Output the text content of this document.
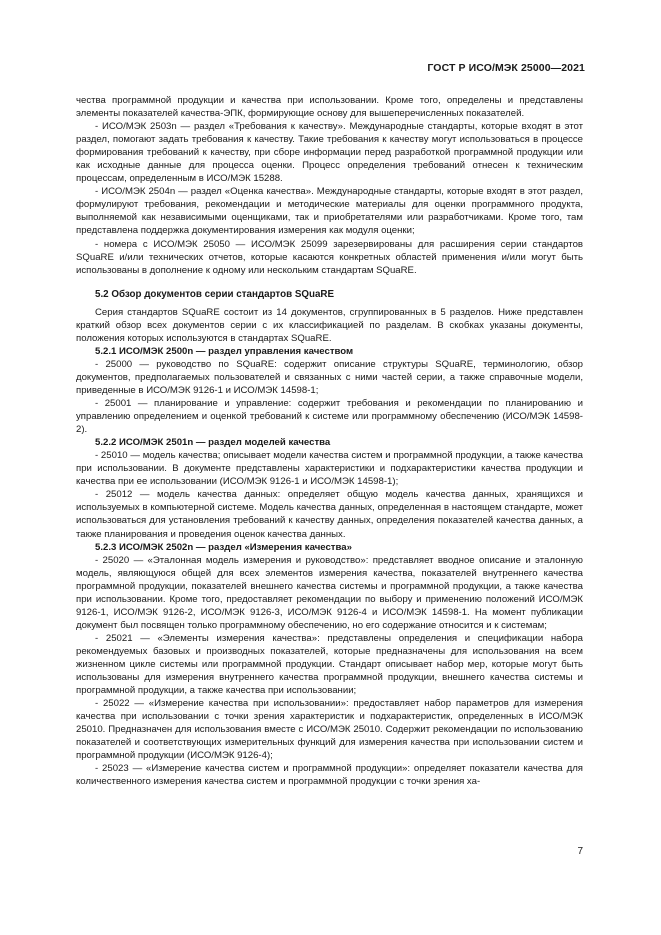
ГОСТ Р ИСО/МЭК 25000—2021

чества программной продукции и качества при использовании. Кроме того, определены и представлены элементы показателей качества-ЭПК, формирующие основу для вышеперечисленных показателей.

- ИСО/МЭК 2503n — раздел «Требования к качеству». Международные стандарты, которые входят в этот раздел, помогают задать требования к качеству. Такие требования к качеству могут использоваться в процессе формирования требований к качеству, при сборе информации перед разработкой программной продукции или как исходные данные для процесса оценки. Процесс определения требований отнесен к техническим процессам, определенным в ИСО/МЭК 15288.

- ИСО/МЭК 2504n — раздел «Оценка качества». Международные стандарты, которые входят в этот раздел, формулируют требования, рекомендации и методические материалы для оценки программного продукта, выполняемой как независимыми оценщиками, так и приобретателями или разработчиками. Кроме того, там представлена поддержка документирования измерения как модуля оценки;

- номера с ИСО/МЭК 25050 — ИСО/МЭК 25099 зарезервированы для расширения серии стандартов SQuaRE и/или технических отчетов, которые касаются конкретных областей применения и/или могут быть использованы в дополнение к одному или нескольким стандартам SQuaRE.

5.2 Обзор документов серии стандартов SQuaRE

Серия стандартов SQuaRE состоит из 14 документов, сгруппированных в 5 разделов. Ниже представлен краткий обзор всех документов серии с их классификацией по разделам. В скобках указаны документы, положения которых используются в стандартах SQuaRE.

5.2.1 ИСО/МЭК 2500n — раздел управления качеством

- 25000 — руководство по SQuaRE: содержит описание структуры SQuaRE, терминологию, обзор документов, предполагаемых пользователей и связанных с ними частей серии, а также справочные модели, приведенные в ИСО/МЭК 9126-1 и ИСО/МЭК 14598-1;

- 25001 — планирование и управление: содержит требования и рекомендации по планированию и управлению определением и оценкой требований к системе или программному обеспечению (ИСО/МЭК 14598-2).

5.2.2 ИСО/МЭК 2501n — раздел моделей качества

- 25010 — модель качества; описывает модели качества систем и программной продукции, а также качества при использовании. В документе представлены характеристики и подхарактеристики качества продукции и качества при ее использовании (ИСО/МЭК 9126-1 и ИСО/МЭК 14598-1);

- 25012 — модель качества данных: определяет общую модель качества данных, хранящихся и используемых в компьютерной системе. Модель качества данных, определенная в настоящем стандарте, может использоваться для установления требований к качеству данных, определения показателей качества данных, а также планирования и проведения оценок качества данных.

5.2.3 ИСО/МЭК 2502n — раздел «Измерения качества»

- 25020 — «Эталонная модель измерения и руководство»: представляет вводное описание и эталонную модель, являющуюся общей для всех элементов измерения качества, показателей внутреннего качества программной продукции, показателей внешнего качества системы и программной продукции, а также качества при использовании. Кроме того, предоставляет рекомендации по выбору и применению положений ИСО/МЭК 9126-1, ИСО/МЭК 9126-2, ИСО/МЭК 9126-3, ИСО/МЭК 9126-4 и ИСО/МЭК 14598-1. На момент публикации документ был посвящен только программному обеспечению, но его содержание относится и к системам;

- 25021 — «Элементы измерения качества»: представлены определения и спецификации набора рекомендуемых базовых и производных показателей, которые предназначены для использования на всем жизненном цикле системы или программной продукции. Стандарт описывает набор мер, которые могут быть использованы для измерения внутреннего качества программной продукции, внешнего качества системы и программной продукции, а также качества при использовании;

- 25022 — «Измерение качества при использовании»: предоставляет набор параметров для измерения качества при использовании с точки зрения характеристик и подхарактеристик, определенных в ИСО/МЭК 25010. Предназначен для использования вместе с ИСО/МЭК 25010. Содержит рекомендации по использованию показателей и соответствующих измерительных функций для измерения качества при использовании систем и программной продукции (ИСО/МЭК 9126-4);

- 25023 — «Измерение качества систем и программной продукции»: определяет показатели качества для количественного измерения качества систем и программной продукции с точки зрения ха-

7
